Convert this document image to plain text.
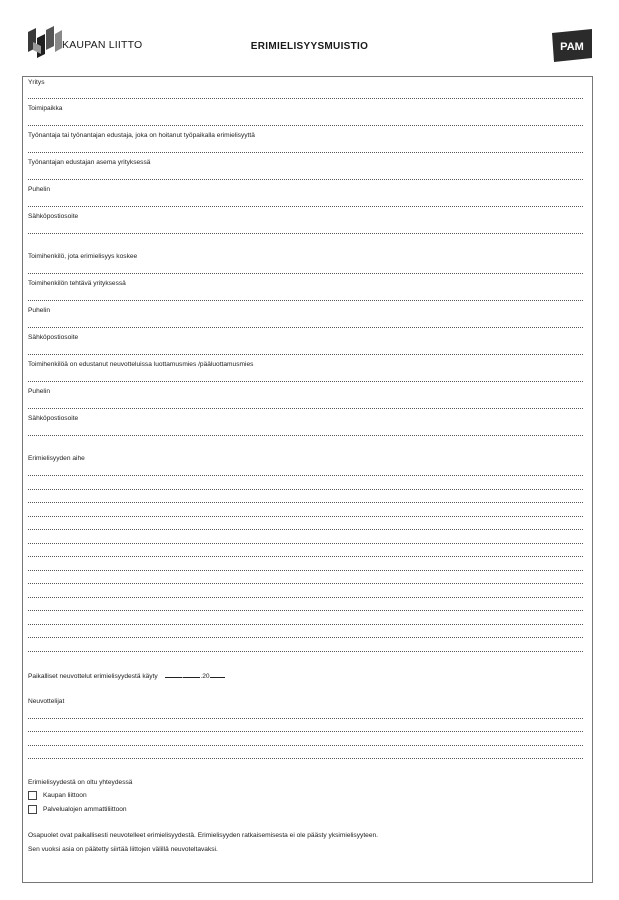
KAUPAN LIITTO	ERIMIELISYYSMUISTIO	PAM
Yritys
Toimipaikka
Työnantaja tai työnantajan edustaja, joka on hoitanut työpaikalla erimielisyyttä
Työnantajan edustajan asema yrityksessä
Puhelin
Sähköpostiosoite
Toimihenkilö, jota erimielisyys koskee
Toimihenkilön tehtävä yrityksessä
Puhelin
Sähköpostiosoite
Toimihenkilöä on edustanut neuvotteluissa luottamusmies /pääluottamusmies
Puhelin
Sähköpostiosoite
Erimielisyyden aihe
Paikalliset neuvottelut erimielisyydestä käyty	.	.20
Neuvottelijat
Erimielisyydestä on oltu yhteydessä
Kaupan liittoon
Palvelualojen ammattiliittoon
Osapuolet ovat paikallisesti neuvotelleet erimielisyydestä. Erimielisyyden ratkaisemisesta ei ole päästy yksimielisyyteen.
Sen vuoksi asia on päätetty siirtää liittojen välillä neuvoteltavaksi.
